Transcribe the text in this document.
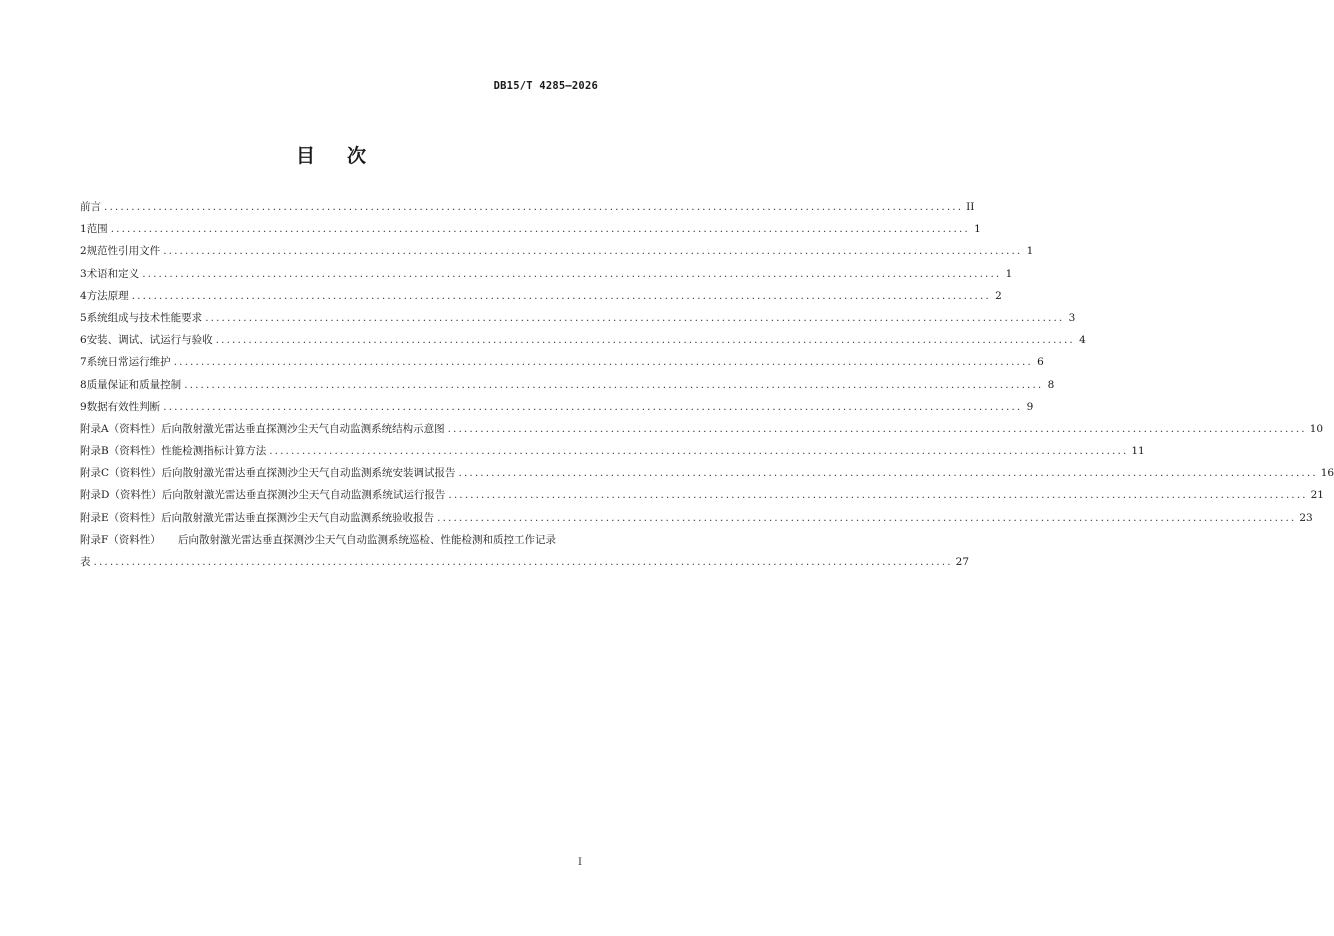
DB15/T 4285—2026
目 次
前言 .............................................................................................................................................................. II
1 范围 .............................................................................................................................................................. 1
2 规范性引用文件 .............................................................................................................................................................. 1
3 术语和定义 .............................................................................................................................................................. 1
4 方法原理 .............................................................................................................................................................. 2
5 系统组成与技术性能要求 .............................................................................................................................................................. 3
6 安装、调试、试运行与验收 .............................................................................................................................................................. 4
7 系统日常运行维护 .............................................................................................................................................................. 6
8 质量保证和质量控制 .............................................................................................................................................................. 8
9 数据有效性判断 .............................................................................................................................................................. 9
附录A（资料性） 后向散射激光雷达垂直探测沙尘天气自动监测系统结构示意图 .............................................................................................................................................................. 10
附录B（资料性） 性能检测指标计算方法 .............................................................................................................................................................. 11
附录C（资料性） 后向散射激光雷达垂直探测沙尘天气自动监测系统安装调试报告 .............................................................................................................................................................. 16
附录D（资料性） 后向散射激光雷达垂直探测沙尘天气自动监测系统试运行报告 .............................................................................................................................................................. 21
附录E（资料性） 后向散射激光雷达垂直探测沙尘天气自动监测系统验收报告 .............................................................................................................................................................. 23
附录F（资料性）	后向散射激光雷达垂直探测沙尘天气自动监测系统巡检、性能检测和质控工作记录
表 .............................................................................................................................................................. 27
I
